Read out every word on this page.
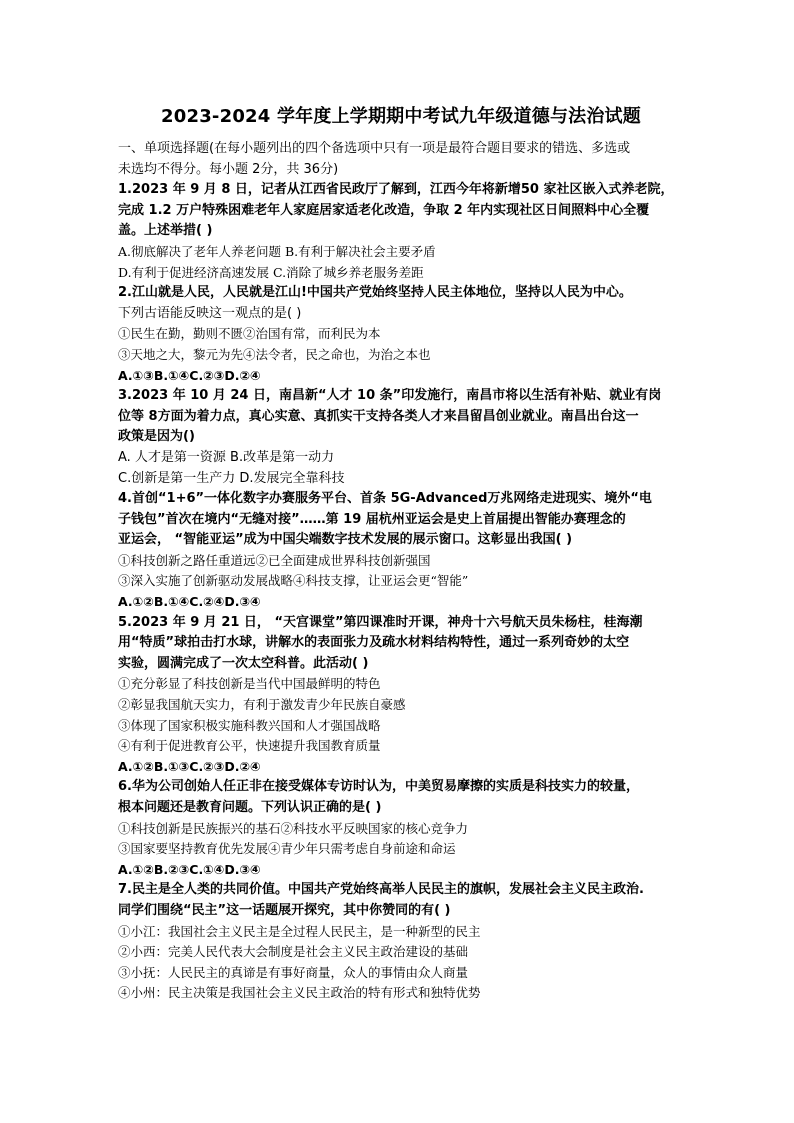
2023-2024 学年度上学期期中考试九年级道德与法治试题
一、单项选择题(在每小题列出的四个备选项中只有一项是最符合题目要求的错选、多选或
未选均不得分。每小题 2分，共 36分)
1.2023 年 9 月 8 日，记者从江西省民政厅了解到，江西今年将新增50 家社区嵌入式养老院，
完成 1.2 万户特殊困难老年人家庭居家适老化改造，争取 2 年内实现社区日间照料中心全覆
盖。上述举措( )
A.彻底解决了老年人养老问题 B.有利于解决社会主要矛盾
D.有利于促进经济高速发展 C.消除了城乡养老服务差距
2.江山就是人民，人民就是江山!中国共产党始终坚持人民主体地位，坚持以人民为中心。
下列古语能反映这一观点的是( )
①民生在勤，勤则不匮②治国有常，而利民为本
③天地之大，黎元为先④法令者，民之命也，为治之本也
A.①③B.①④C.②③D.②④
3.2023 年 10 月 24 日，南昌新“人才 10 条”印发施行，南昌市将以生活有补贴、就业有岗
位等 8方面为着力点，真心实意、真抓实干支持各类人才来昌留昌创业就业。南昌出台这一
政策是因为()
A. 人才是第一资源 B.改革是第一动力
C.创新是第一生产力 D.发展完全靠科技
4.首创“1+6”一体化数字办赛服务平台、首条 5G-Advanced万兆网络走进现实、境外“电
子钱包”首次在境内“无缝对接”……第 19 届杭州亚运会是史上首届提出智能办赛理念的
亚运会， “智能亚运”成为中国尖端数字技术发展的展示窗口。这彰显出我国( )
①科技创新之路任重道远②已全面建成世界科技创新强国
③深入实施了创新驱动发展战略④科技支撑，让亚运会更“智能”
A.①②B.①④C.②④D.③④
5.2023 年 9 月 21 日， “天宫课堂”第四课准时开课，神舟十六号航天员朱杨柱，桂海潮
用“特质”球拍击打水球，讲解水的表面张力及疏水材料结构特性，通过一系列奇妙的太空
实验，圆满完成了一次太空科普。此活动( )
①充分彰显了科技创新是当代中国最鲜明的特色
②彰显我国航天实力，有利于激发青少年民族自豪感
③体现了国家积极实施科教兴国和人才强国战略
④有利于促进教育公平，快速提升我国教育质量
A.①②B.①③C.②③D.②④
6.华为公司创始人任正非在接受媒体专访时认为，中美贸易摩擦的实质是科技实力的较量，
根本问题还是教育问题。下列认识正确的是( )
①科技创新是民族振兴的基石②科技水平反映国家的核心竞争力
③国家要坚持教育优先发展④青少年只需考虑自身前途和命运
A.①②B.②③C.①④D.③④
7.民主是全人类的共同价值。中国共产党始终高举人民民主的旗帜，发展社会主义民主政治.
同学们围绕“民主”这一话题展开探究，其中你赞同的有( )
①小江：我国社会主义民主是全过程人民民主，是一种新型的民主
②小西：完美人民代表大会制度是社会主义民主政治建设的基础
③小抚：人民民主的真谛是有事好商量，众人的事情由众人商量
④小州：民主决策是我国社会主义民主政治的特有形式和独特优势
